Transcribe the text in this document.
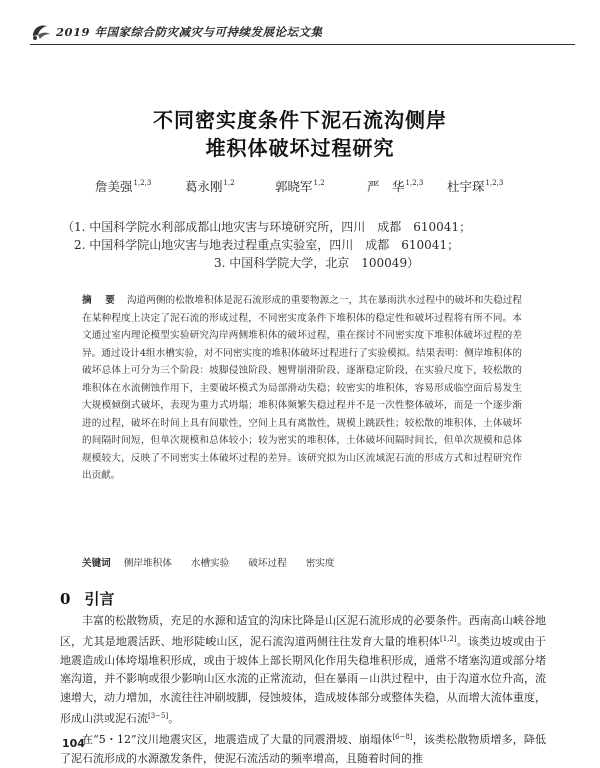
2019 年国家综合防灾减灾与可持续发展论坛文集
不同密实度条件下泥石流沟侧岸
堆积体破坏过程研究
詹美强$^{1,2,3}$	葛永刚$^{1,2}$	郭晓军$^{1,2}$	严　华$^{1,2,3}$ 杜宇琛$^{1,2,3}$
（1. 中国科学院水利部成都山地灾害与环境研究所，四川　成都　610041；
2. 中国科学院山地灾害与地表过程重点实验室，四川　成都　610041；
3. 中国科学院大学，北京　100049）
摘　要 沟道两侧的松散堆积体是泥石流形成的重要物源之一，其在暴雨洪水过程中的破坏和失稳过程在某种程度上决定了泥石流的形成过程，不同密实度条件下堆积体的稳定性和破坏过程将有所不同。本文通过室内理论模型实验研究沟岸两侧堆积体的破坏过程，重在探讨不同密实度下堆积体破坏过程的差异。通过设计4组水槽实验，对不同密实度的堆积体破坏过程进行了实验模拟。结果表明：侧岸堆积体的破坏总体上可分为三个阶段：坡脚侵蚀阶段、翘臂崩滑阶段、逐渐稳定阶段，在实验尺度下，较松散的堆积体在水流侧蚀作用下，主要破坏模式为局部滑动失稳；较密实的堆积体，容易形成临空面后易发生大规模倾倒式破坏，表现为重力式坍塌；堆积体频繁失稳过程并不是一次性整体破坏，而是一个逐步渐进的过程，破坏在时间上具有间歇性，空间上具有离散性，规模上跳跃性；较松散的堆积体，土体破坏的间隔时间短，但单次规模和总体较小；较为密实的堆积体，土体破坏间隔时间长，但单次规模和总体规模较大，反映了不同密实土体破坏过程的差异。该研究拟为山区流域泥石流的形成方式和过程研究作出贡献。
关键词 侧岸堆积体 水槽实验 破坏过程 密实度
0 引言
丰富的松散物质，充足的水源和适宜的沟床比降是山区泥石流形成的必要条件。西南高山峡谷地区，尤其是地震活跃、地形陡峻山区，泥石流沟道两侧往往发育大量的堆积体[1,2]。该类边坡或由于地震造成山体垮塌堆积形成，或由于坡体上部长期风化作用失稳堆积形成，通常不堵塞沟道或部分堵塞沟道，并不影响或很少影响山区水流的正常流动，但在暴雨－山洪过程中，由于沟道水位升高，流速增大，动力增加，水流往往冲刷坡脚，侵蚀坡体，造成坡体部分或整体失稳，从而增大流体重度，形成山洪或泥石流[3−5]。
在“5・12”汶川地震灾区，地震造成了大量的同震滑坡、崩塌体[6−8]，该类松散物质增多，降低了泥石流形成的水源激发条件，使泥石流活动的频率增高，且随着时间的推
104
